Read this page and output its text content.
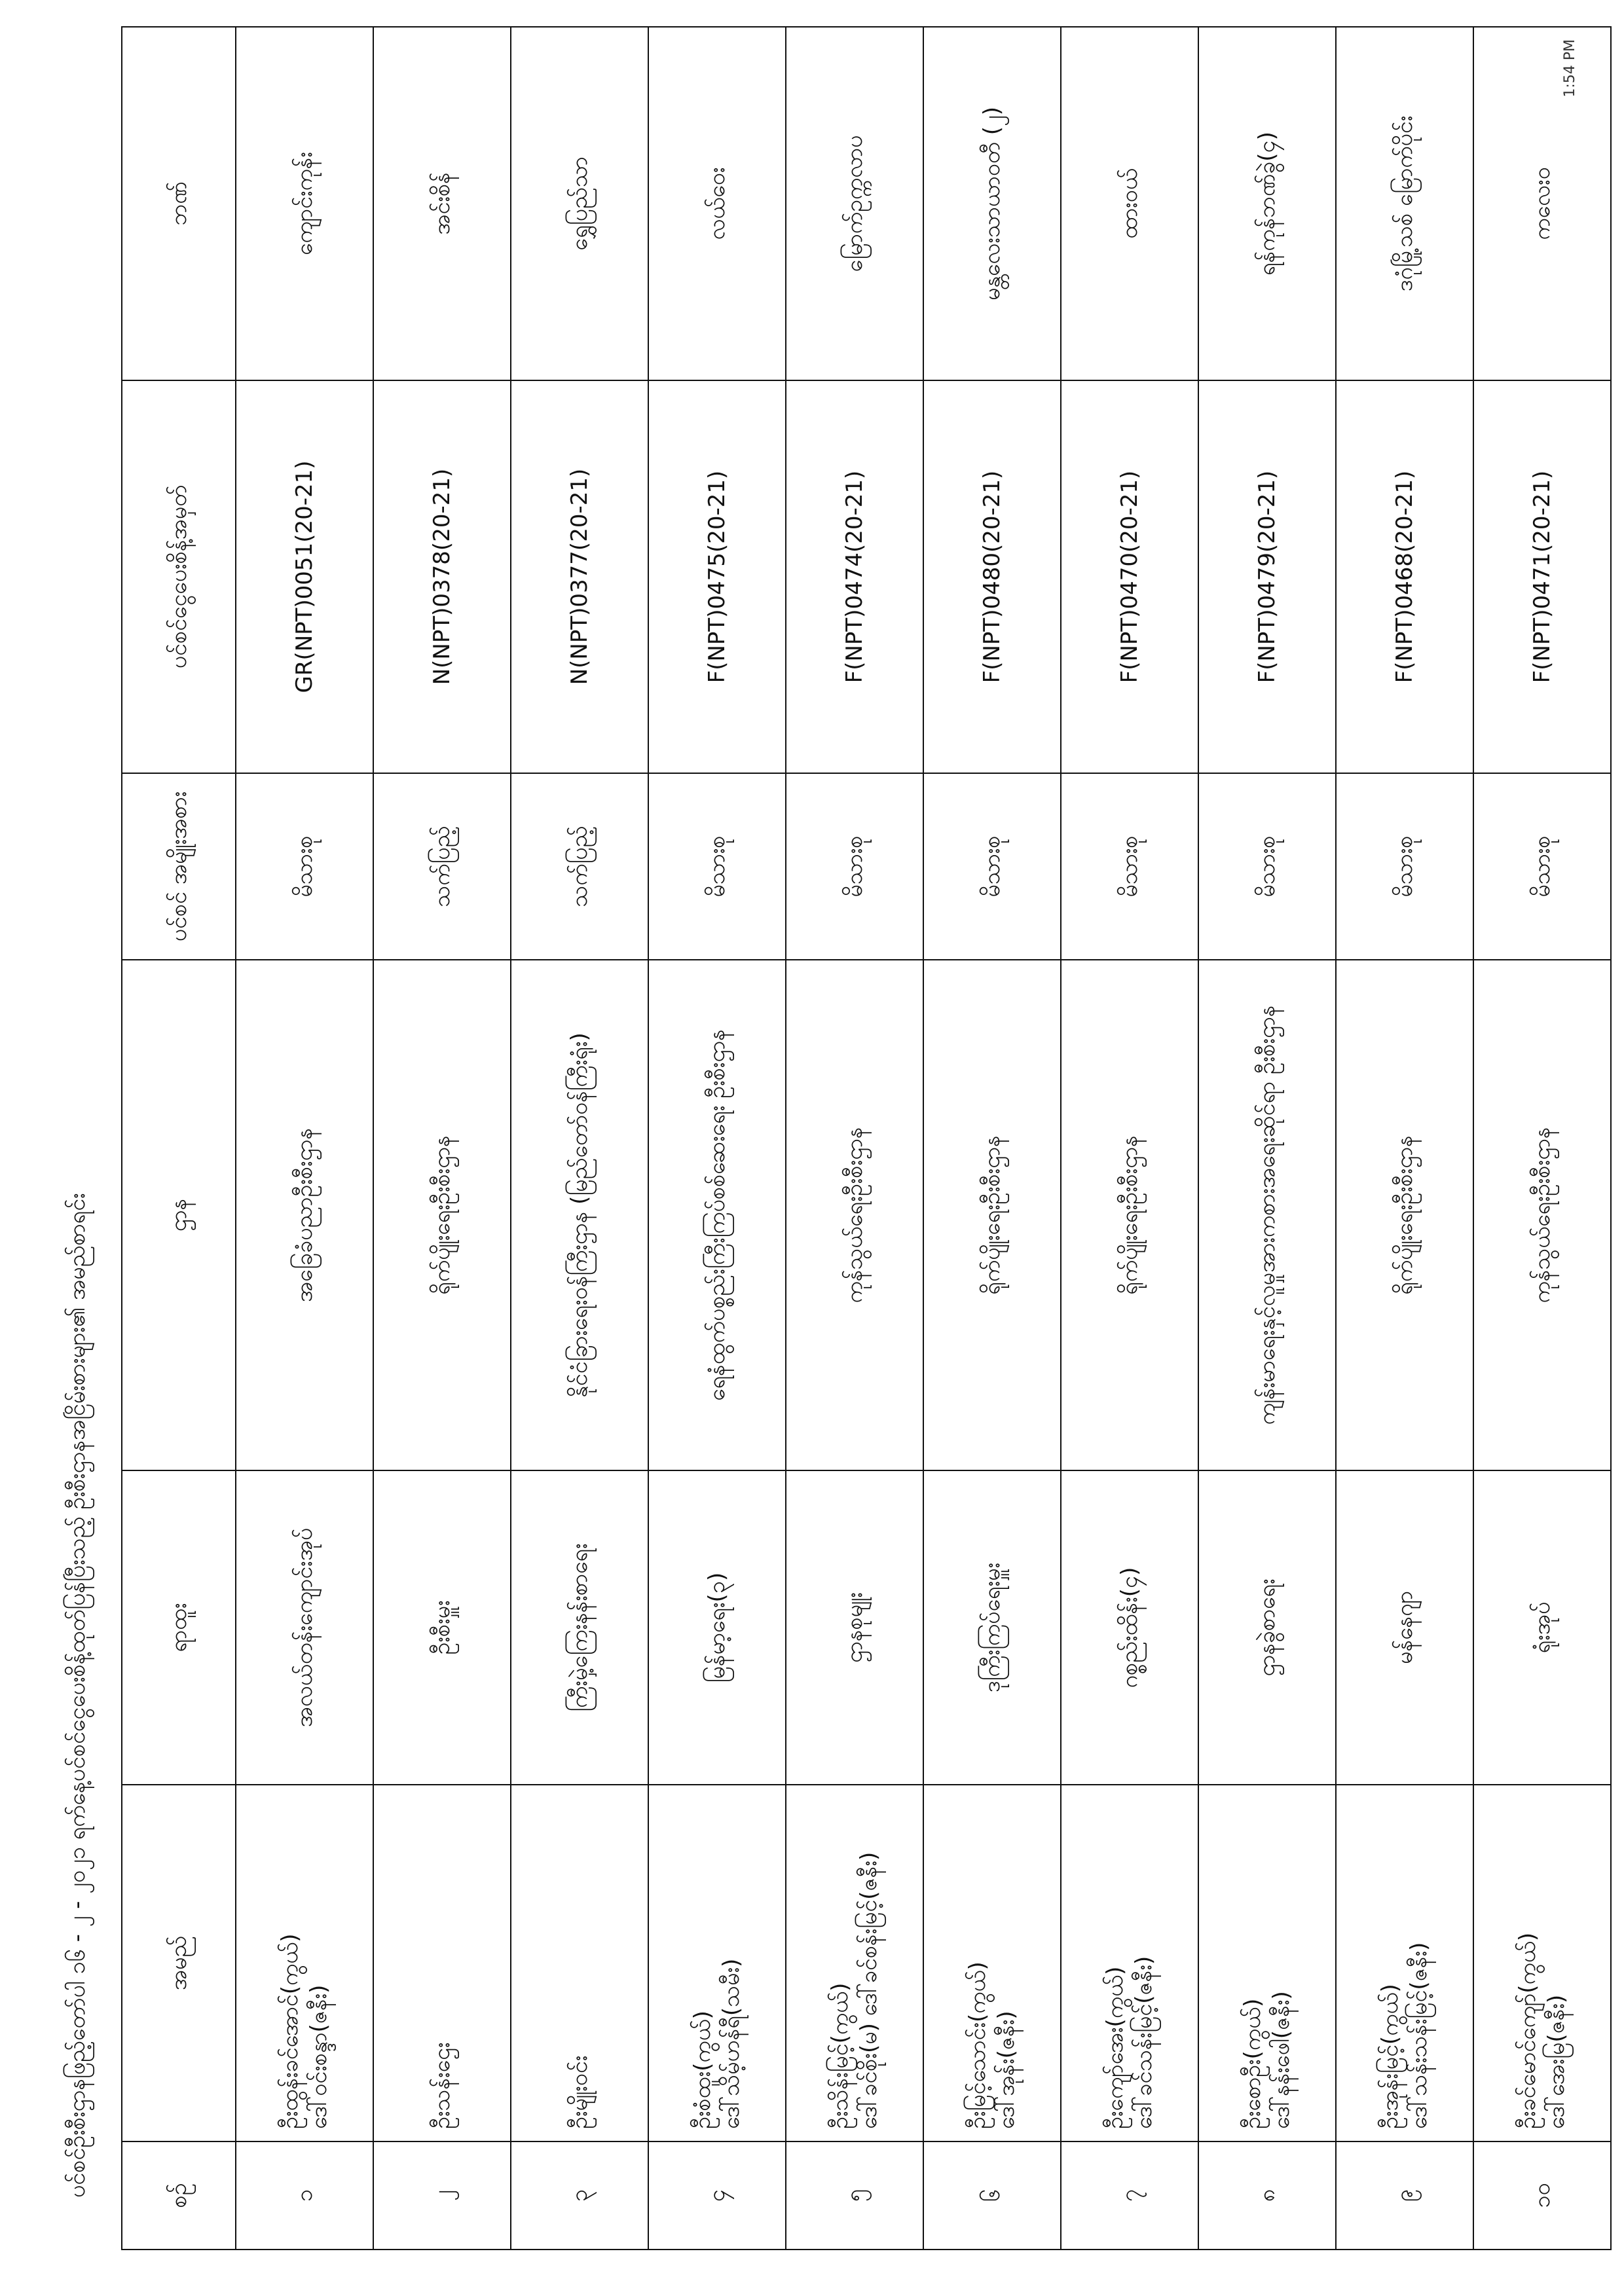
ပင်စင်ဦးစီးဌာနဖြည့်တော်ပါ ၁၆ - ၂ - ၂၀၂၁ ရက်နေ့ပင်စင်ငွေပေးစိန့်ထုတ်ပြန်ပြီးသည့် ဦးစီးဌာနအငြိမ်းစားများ၏ အမည်စာရင်း	စဉ်	အမည်	ရာထူး	ဌာန	ပင်စင် အမျိုးအစား	ပင်စင်ငွေပေးစိန့်အမှတ်	ဘဏ်
၁	ဦးထွန်းခင်အောင်(ကွယ်) ဒေါ်ဝင်းစန္ဒာ(ဇနီး)	အလယ်တန်းကျောင်းအုပ်	အခြေခံပညာဦးစီးဌာန	မိသားစု	GR(NPT)0051(20-21)	ကျောင်းကုန်း
၂	ဦးသန်းဌေး	ဦးစီးမှူး	ရိုက်ပျိုးရေးဦးစီးဌာန	သက်ပြည့်	N(NPT)0378(20-21)	အင်းစိန်
၃	ဦးမျိုးဝင်း	ကြီးမှဲ့ကြေးနန်းစာရေး	နိုင်ငံခြားရေးဝန်ကြီးဌာန (မြည်တော်ဝန်ကြီးရုံး)	သက်ပြည့်	N(NPT)0377(20-21)	ရွှေပြည်သာ
၄	ဦးစံထူး(ကွယ်) ဒေါ်သိမ့်ဟန်ရီ(သမီး)	မြန်မာ့ရေး(၃)	ရေနံထွက်ပစ္စည်းကြီးကြပ်စစ်ဆေးရေး ဦးစီးဌာန	မိသားစု	F(NPT)0475(20-21)	လယ်ဝေး
၅	ဦးသိန်းမြင့်(ကွယ်) ဒေါ်ခင်စိုး(မ) ဒေါ်ခင်စန်းမြင့်(ဇနီး)	ဌာနစုမျုး	ကုန်သွယ်ရေးဦးစီးဌာန	မိသားစု	F(NPT)0474(20-21)	မြောက်ဥက္ကလာပ
၆	ဦးမြင့်သောင်း(ကွယ်) ဒေါ်အုန်း(ဇနီး)	ဒုကြီးကြပ်ရေးမှူး	ရိုက်ပျိုးရေးဦးစီးဌာန	မိသားစု	F(NPT)0480(20-21)	မန္တလေးသာယာဝတီ (၂)
၇	ဦးကျော်အေး(ကွယ်) ဒေါ်ခင်သန်းမြင့်(ဇနီး)	ဂစ္စည်းထိန်း(၄)	ရိုက်ပျိုးရေးဦးစီးဌာန	မိသားစု	F(NPT)0470(20-21)	ထားဝယ်
၈	ဦးစောဦး(ကွယ်) ဒေါ်နန်းဖေါ(ဇနီး)	ဌာနခွဲစာရေး	ကျန်းမာရေးနှင့်လူမှုအားကစားအရေးဆိုင်ရာ ဦးစီးဌာန	မိသားစု	F(NPT)0479(20-21)	ရန်ကုန်ဘဏ်ခွဲ(၄)
၉	ဦးအုန်းမြင့်(ကွယ်) ဒေါ်သန်းသန်းမြင့်(ဇနီး)	မန်နေဂျာ	ရိုက်ပျိုးရေးဦးစီးဌာန	မိသားစု	F(NPT)0468(20-21)	ဒဂုံမြို့သစ် မြောက်ပိုင်း
၁၀	ဦးခင်မောင်ကျော်(ကွယ်) ဒေါ်အေးမြ(ဇနီး)	ရုံးအုပ်	ကုန်သွယ်ရေးဦးစီးဌာန	မိသားစု	F(NPT)0471(20-21)	ကလေးဝ
1:54 PM
